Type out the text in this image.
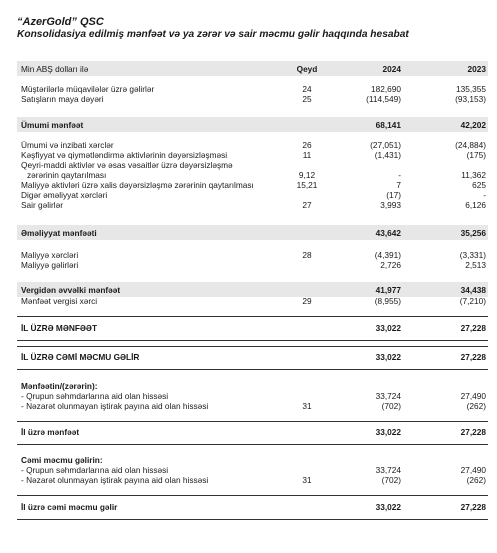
“AzerGold” QSC
Konsolidasiya edilmiş mənfəət və ya zərər və sair məcmu gəlir haqqında hesabat
Min ABŞ dolları ilə	Qeyd	2024	2023
Müştərilərlə müqavilələr üzrə gəlirlər	24	182,690	135,355
Satışların maya dəyəri	25	(114,549)	(93,153)
Ümumi mənfəət	68,141	42,202
Ümumi və inzibati xərclər	26	(27,051)	(24,884)
Kəşfiyyat və qiymətləndirmə aktivlərinin dəyərsizləşməsi	11	(1,431)	(175)
Qeyri-maddi aktivlər və əsas vəsaitlər üzrə dəyərsizləşmə
zərərinin qaytarılması	9,12	-	11,362
Maliyyə aktivləri üzrə xalis dəyərsizləşmə zərərinin qaytarılması	15,21	7	625
Digər əməliyyat xərcləri	(17)	-
Sair gəlirlər	27	3,993	6,126
Əməliyyat mənfəəti	43,642	35,256
Maliyyə xərcləri	28	(4,391)	(3,331)
Maliyyə gəlirləri	2,726	2,513
Vergidən əvvəlki mənfəət	41,977	34,438
Mənfəət vergisi xərci	29	(8,955)	(7,210)
İL ÜZRƏ MƏNFƏƏT	33,022	27,228
İL ÜZRƏ CƏMİ MƏCMU GƏLİR	33,022	27,228
Mənfəətin/(zərərin):
- Qrupun səhmdarlarına aid olan hissəsi	33,724	27,490
- Nəzarət olunmayan iştirak payına aid olan hissəsi	31	(702)	(262)
İl üzrə mənfəət	33,022	27,228
Cəmi məcmu gəlirin:
- Qrupun səhmdarlarına aid olan hissəsi	33,724	27,490
- Nəzarət olunmayan iştirak payına aid olan hissəsi	31	(702)	(262)
İl üzrə cəmi məcmu gəlir	33,022	27,228
